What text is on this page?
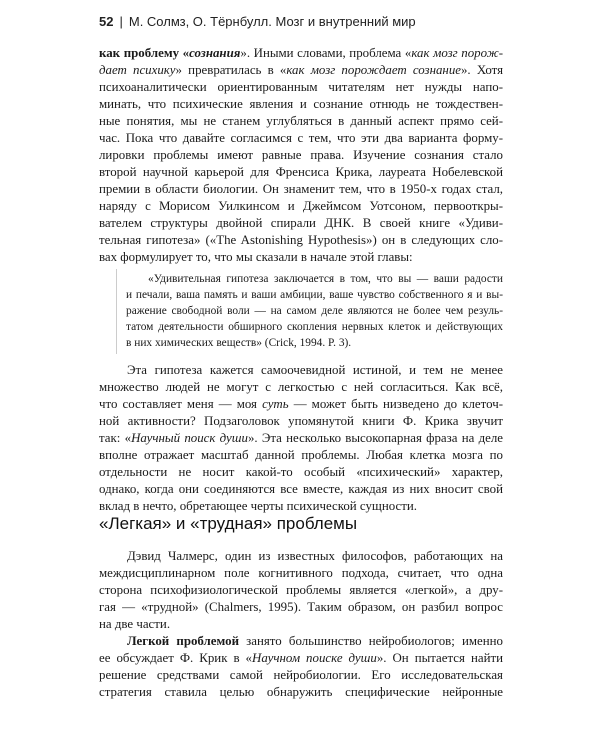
52 | М. Солмз, О. Тёрнбулл. Мозг и внутренний мир
как проблему «сознания». Иными словами, проблема «как мозг порож-
дает психику» превратилась в «как мозг порождает сознание». Хотя
психоаналитически ориентированным читателям нет нужды напо-
минать, что психические явления и сознание отнюдь не тождествен-
ные понятия, мы не станем углубляться в данный аспект прямо сей-
час. Пока что давайте согласимся с тем, что эти два варианта форму-
лировки проблемы имеют равные права. Изучение сознания стало
второй научной карьерой для Френсиса Крика, лауреата Нобелевской
премии в области биологии. Он знаменит тем, что в 1950-х годах стал,
наряду с Морисом Уилкинсом и Джеймсом Уотсоном, первооткры-
вателем структуры двойной спирали ДНК. В своей книге «Удиви-
тельная гипотеза» («The Astonishing Hypothesis») он в следующих сло-
вах формулирует то, что мы сказали в начале этой главы:
«Удивительная гипотеза заключается в том, что вы — ваши радости
и печали, ваша память и ваши амбиции, ваше чувство собственного я и вы-
ражение свободной воли — на самом деле являются не более чем резуль-
татом деятельности обширного скопления нервных клеток и действующих
в них химических веществ» (Crick, 1994. P. 3).
Эта гипотеза кажется самоочевидной истиной, и тем не менее
множество людей не могут с легкостью с ней согласиться. Как всё,
что составляет меня — моя суть — может быть низведено до клеточ-
ной активности? Подзаголовок упомянутой книги Ф. Крика звучит
так: «Научный поиск души». Эта несколько высокопарная фраза на деле
вполне отражает масштаб данной проблемы. Любая клетка мозга по
отдельности не носит какой-то особый «психический» характер,
однако, когда они соединяются все вместе, каждая из них вносит свой
вклад в нечто, обретающее черты психической сущности.
«Легкая» и «трудная» проблемы
Дэвид Чалмерс, один из известных философов, работающих на
междисциплинарном поле когнитивного подхода, считает, что одна
сторона психофизиологической проблемы является «легкой», а дру-
гая — «трудной» (Chalmers, 1995). Таким образом, он разбил вопрос
на две части.
Легкой проблемой занято большинство нейробиологов; именно
ее обсуждает Ф. Крик в «Научном поиске души». Он пытается найти
решение средствами самой нейробиологии. Его исследовательская
стратегия ставила целью обнаружить специфические нейронные
